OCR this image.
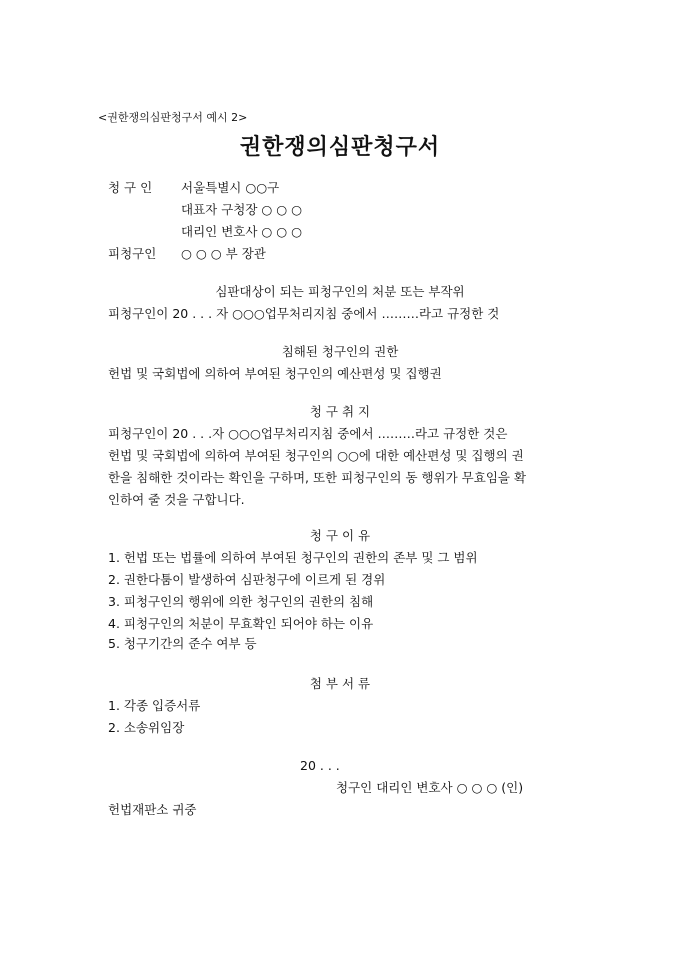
<권한쟁의심판청구서 예시 2>

권한쟁의심판청구서
청 구 인 서울특별시 ○○구
대표자 구청장 ○ ○ ○
대리인 변호사 ○ ○ ○
피청구인 ○ ○ ○ 부 장관
심판대상이 되는 피청구인의 처분 또는 부작위

피청구인이 20 . . . 자 ○○○업무처리지침 중에서 ………라고 규정한 것

침해된 청구인의 권한

헌법 및 국회법에 의하여 부여된 청구인의 예산편성 및 집행권

청 구 취 지

피청구인이 20 . . .자 ○○○업무처리지침 중에서 ………라고 규정한 것은

헌법 및 국회법에 의하여 부여된 청구인의 ○○에 대한 예산편성 및 집행의 권

한을 침해한 것이라는 확인을 구하며, 또한 피청구인의 동 행위가 무효임을 확

인하여 줄 것을 구합니다.

청 구 이 유

1. 헌법 또는 법률에 의하여 부여된 청구인의 권한의 존부 및 그 범위

2. 권한다툼이 발생하여 심판청구에 이르게 된 경위

3. 피청구인의 행위에 의한 청구인의 권한의 침해

4. 피청구인의 처분이 무효확인 되어야 하는 이유

5. 청구기간의 준수 여부 등

첨 부 서 류

1. 각종 입증서류

2. 소송위임장

20 . . .
청구인 대리인 변호사 ○ ○ ○ (인)
헌법재판소 귀중
